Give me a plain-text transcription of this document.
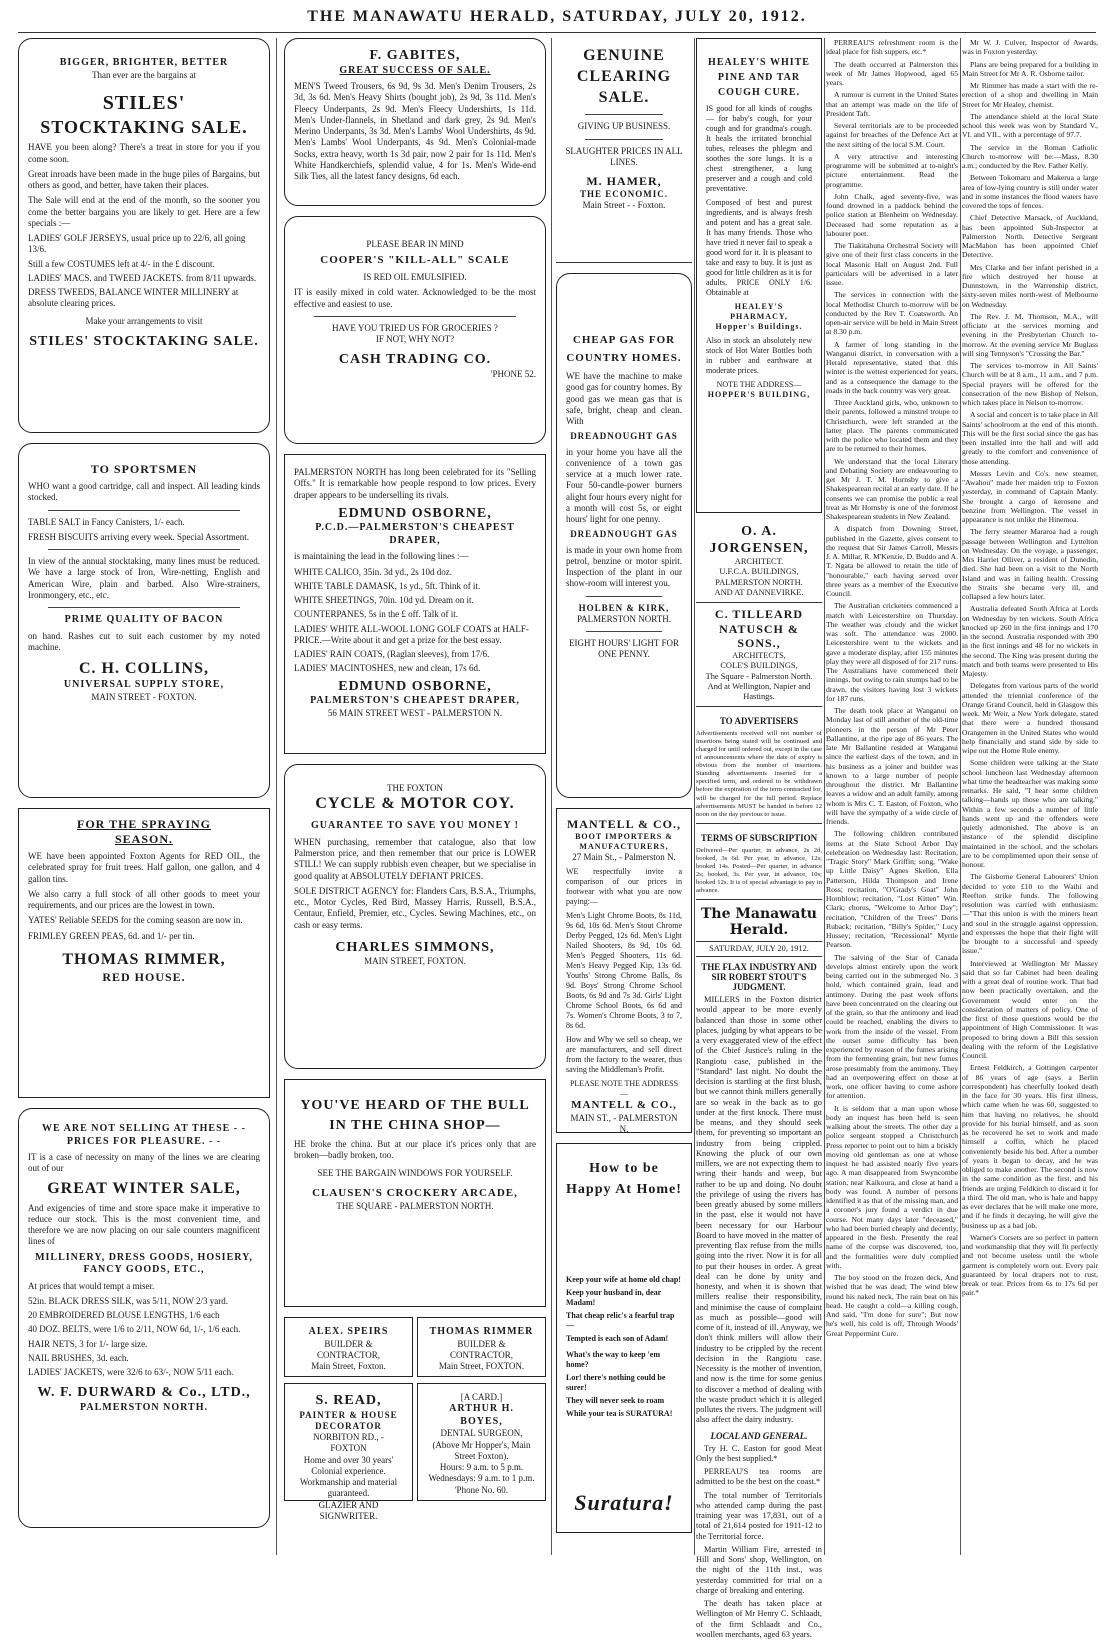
THE MANAWATU HERALD, SATURDAY, JULY 20, 1912.
BIGGER, BRIGHTER, BETTER
Than ever are the bargains at
STILES'
STOCKTAKING SALE.

HAVE you been along? There's a treat in store for you if you come soon.

Great inroads have been made in the huge piles of Bargains, but others as good, and better, have taken their places.

The Sale will end at the end of the month, so the sooner you come the better bargains you are likely to get. Here are a few specials :—

LADIES' GOLF JERSEYS, usual price up to 22/6, all going 13/6.
Still a few COSTUMES left at 4/- in the £ discount.
LADIES' MACS. and TWEED JACKETS. from 8/11 upwards.
DRESS TWEEDS, BALANCE WINTER MILLINERY at absolute clearing prices.
Make your arrangements to visit
STILES' STOCKTAKING SALE.
TO SPORTSMEN

WHO want a good cartridge, call and inspect. All leading kinds stocked.

TABLE SALT in Fancy Canisters, 1/- each.

FRESH BISCUITS arriving every week. Special Assortment.

In view of the annual stocktaking, many lines must be reduced. We have a large stock of Iron, Wire-netting, English and American Wire, plain and barbed. Also Wire-strainers, Ironmongery, etc., etc.

PRIME QUALITY OF BACON

on hand. Rashes cut to suit each customer by my noted machine.

C. H. COLLINS,
UNIVERSAL SUPPLY STORE,
MAIN STREET - FOXTON.
FOR THE SPRAYING
SEASON.

WE have been appointed Foxton Agents for RED OIL, the celebrated spray for fruit trees. Half gallon, one gallon, and 4 gallon tins.

We also carry a full stock of all other goods to meet your requirements, and our prices are the lowest in town.

YATES' Reliable SEEDS for the coming season are now in.

FRIMLEY GREEN PEAS, 6d. and 1/- per tin.

THOMAS RIMMER,
RED HOUSE.
WE ARE NOT SELLING AT THESE - - PRICES FOR PLEASURE. - -

IT is a case of necessity on many of the lines we are clearing out of our

GREAT WINTER SALE,

And exigencies of time and store space make it imperative to reduce our stock. This is the most convenient time, and therefore we are now placing on our sale counters magnificent lines of

MILLINERY, DRESS GOODS, HOSIERY, FANCY GOODS, ETC.,

At prices that would tempt a miser.

52in. BLACK DRESS SILK, was 5/11, NOW 2/3 yard.
20 EMBROIDERED BLOUSE LENGTHS, 1/6 each
40 DOZ. BELTS, were 1/6 to 2/11, NOW 6d, 1/-, 1/6 each.
HAIR NETS, 3 for 1/- large size.
NAIL BRUSHES, 3d. each.
LADIES' JACKETS, were 32/6 to 63/-, NOW 5/11 each.
W. F. DURWARD & Co., LTD.,
PALMERSTON NORTH.
F. GABITES,
GREAT SUCCESS OF SALE.

MEN'S Tweed Trousers, 6s 9d, 9s 3d. Men's Denim Trousers, 2s 3d, 3s 6d. Men's Heavy Shirts (bought job), 2s 9d, 3s 11d. Men's Fleecy Underpants, 2s 9d. Men's Fleecy Undershirts, 1s 11d. Men's Under-flannels, in Shetland and dark grey, 2s 9d. Men's Merino Underpants, 3s 3d. Men's Lambs' Wool Undershirts, 4s 9d. Men's Lambs' Wool Underpants, 4s 9d. Men's Colonial-made Socks, extra heavy, worth 1s 3d pair, now 2 pair for 1s 11d. Men's White Handkerchiefs, splendid value, 4 for 1s. Men's Wide-end Silk Ties, all the latest fancy designs, 6d each.

PLEASE BEAR IN MIND
COOPER'S "KILL-ALL" SCALE
IS RED OIL EMULSIFIED.

IT is easily mixed in cold water. Acknowledged to be the most effective and easiest to use.

HAVE YOU TRIED US FOR GROCERIES ?
IF NOT, WHY NOT?
CASH TRADING CO.
'PHONE 52.

PALMERSTON NORTH has long been celebrated for its "Selling Offs." It is remarkable how people respond to low prices. Every draper appears to be underselling its rivals.

EDMUND OSBORNE,
P.C.D.—PALMERSTON'S CHEAPEST DRAPER,

is maintaining the lead in the following lines :—

WHITE CALICO, 35in. 3d yd., 2s 10d doz.
WHITE TABLE DAMASK, 1s yd., 5ft. Think of it.
WHITE SHEETINGS, 70in. 10d yd. Dream on it.
COUNTERPANES, 5s in the £ off. Talk of it.
LADIES' WHITE ALL-WOOL LONG GOLF COATS at HALF-PRICE.—Write about it and get a prize for the best essay.
LADIES' RAIN COATS, (Raglan sleeves), from 17/6.
LADIES' MACINTOSHES, new and clean, 17s 6d.
EDMUND OSBORNE,
PALMERSTON'S CHEAPEST DRAPER,
56 MAIN STREET WEST - PALMERSTON N.
THE FOXTON
CYCLE & MOTOR COY.
GUARANTEE TO SAVE YOU MONEY !

WHEN purchasing, remember that catalogue, also that low Palmerston price, and then remember that our price is LOWER STILL! We can supply rubbish even cheaper, but we specialise in good quality at ABSOLUTELY DEFIANT PRICES.

SOLE DISTRICT AGENCY for: Flanders Cars, B.S.A., Triumphs, etc., Motor Cycles, Red Bird, Massey Harris, Russell, B.S.A., Centaur, Enfield, Premier, etc., Cycles. Sewing Machines, etc., on cash or easy terms.

CHARLES SIMMONS,
MAIN STREET, FOXTON.
YOU'VE HEARD OF THE BULL IN THE CHINA SHOP—

HE broke the china. But at our place it's prices only that are broken—badly broken, too.

SEE THE BARGAIN WINDOWS FOR YOURSELF.
CLAUSEN'S CROCKERY ARCADE,
THE SQUARE - PALMERSTON NORTH.
ALEX. SPEIRS
BUILDER & CONTRACTOR,
Main Street, Foxton.
THOMAS RIMMER
BUILDER & CONTRACTOR,
Main Street, FOXTON.
S. READ,
PAINTER & HOUSE DECORATOR
NORBITON RD., - FOXTON
Home and over 30 years' Colonial experience.
Workmanship and material guaranteed.
GLAZIER AND SIGNWRITER.
[A CARD.]
ARTHUR H. BOYES,
DENTAL SURGEON,
(Above Mr Hopper's, Main Street Foxton).
Hours: 9 a.m. to 5 p.m. Wednesdays: 9 a.m. to 1 p.m.
'Phone No. 60.
GENUINE CLEARING SALE.
GIVING UP BUSINESS.
SLAUGHTER PRICES IN ALL LINES.
M. HAMER,
THE ECONOMIC.
Main Street - - Foxton.
CHEAP GAS FOR COUNTRY HOMES.

WE have the machine to make good gas for country homes. By good gas we mean gas that is safe, bright, cheap and clean. With

DREADNOUGHT GAS

in your home you have all the convenience of a town gas service at a much lower rate. Four 50-candle-power burners alight four hours every night for a month will cost 5s, or eight hours' light for one penny.

DREADNOUGHT GAS

is made in your own home from petrol, benzine or motor spirit. Inspection of the plant in our show-room will interest you.

HOLBEN & KIRK,
PALMERSTON NORTH.
EIGHT HOURS' LIGHT FOR ONE PENNY.
MANTELL & CO.,
BOOT IMPORTERS & MANUFACTURERS,
27 Main St., - Palmerston N.

WE respectfully invite a comparison of our prices in footwear with what you are now paying:—

Men's Light Chrome Boots, 8s 11d, 9s 6d, 10s 6d. Men's Stout Chrome Derby Pegged, 12s 6d. Men's Light Nailed Shooters, 8s 9d, 10s 6d. Men's Pegged Shooters, 11s 6d. Men's Heavy Pegged Kip, 13s 6d. Youths' Strong Chrome Balls, 8s 9d. Boys' Strong Chrome School Boots, 6s 9d and 7s 3d. Girls' Light Chrome School Boots, 6s 6d and 7s. Women's Chrome Boots, 3 to 7, 8s 6d.

How and Why we sell so cheap, we are manufacturers, and sell direct from the factory to the wearer, thus saving the Middleman's Profit.

PLEASE NOTE THE ADDRESS—
MANTELL & CO.,
MAIN ST., - PALMERSTON N.
How to be Happy At Home!
Keep your wife at home old chap!
Keep your husband in, dear Madam!
That cheap relic's a fearful trap—
Tempted is each son of Adam!
What's the way to keep 'em home?
Lor! there's nothing could be surer!
They will never seek to roam
While your tea is SURATURA!
Suratura!
HEALEY'S WHITE PINE AND TAR COUGH CURE.

IS good for all kinds of coughs — for baby's cough, for your cough and for grandma's cough. It heals the irritated bronchial tubes, releases the phlegm and soothes the sore lungs. It is a chest strengthener, a lung preserver and a cough and cold preventative.

Composed of best and purest ingredients, and is always fresh and potent and has a great sale. It has many friends. Those who have tried it never fail to speak a good word for it. It is pleasant to take and easy to buy. It is just as good for little children as it is for adults. PRICE ONLY 1/6. Obtainable at

HEALEY'S PHARMACY,
Hopper's Buildings.

Also in stock an absolutely new stock of Hot Water Bottles both in rubber and earthware at moderate prices.

NOTE THE ADDRESS—
HOPPER'S BUILDING,
O. A. JORGENSEN,
ARCHITECT.
U.F.C.A. BUILDINGS, PALMERSTON NORTH.
AND AT DANNEVIRKE.
C. TILLEARD NATUSCH & SONS.,
ARCHITECTS,
COLE'S BUILDINGS,
The Square - Palmerston North.
And at Wellington, Napier and Hastings.
TO ADVERTISERS
Advertisements received will not number of insertions being stated will be continued and charged for until ordered out, except in the case of announcements where the date of expiry is obvious from the number of insertions. Standing advertisements inserted for a specified term, and ordered to be withdrawn before the expiration of the term contracted for, will be charged for the full period. Replace advertisements MUST be handed in before 12 noon on the day previous to issue.
TERMS OF SUBSCRIPTION
Delivered—Per quarter, in advance, 2s 2d, booked, 3s 6d. Per year, in advance, 12s; booked 14s. Posted—Per quarter, in advance 2s; booked, 3s. Per year, in advance, 10s; booked 12s. It is of special advantage to pay in advance.
The Manawatu Herald.
SATURDAY, JULY 20, 1912.
THE FLAX INDUSTRY AND SIR ROBERT STOUT'S JUDGMENT.

MILLERS in the Foxton district would appear to be more evenly balanced than those in some other places, judging by what appears to be a very exaggerated view of the effect of the Chief Justice's ruling in the Rangiotu case, published in the "Standard" last night. No doubt the decision is startling at the first blush, but we cannot think millers generally are so weak in the back as to go under at the first knock. There must be means, and they should seek them, for preventing so important an industry from being crippled. Knowing the pluck of our own millers, we are not expecting them to wring their hands and weep, but rather to be up and doing. No doubt the privilege of using the rivers has been greatly abused by some millers in the past, else it would not have been necessary for our Harbour Board to have moved in the matter of preventing flax refuse from the mills going into the river. Now it is for all to put their houses in order. A great deal can be done by unity and honesty, and when it is shown that millers realise their responsibility, and minimise the cause of complaint as much as possible—good will come of it, instead of ill. Anyway, we don't think millers will allow their industry to be crippled by the recent decision in the Rangiotu case. Necessity is the mother of invention, and now is the time for some genius to discover a method of dealing with the waste product which it is alleged pollutes the rivers. The judgment will also affect the dairy industry.

LOCAL AND GENERAL.

Try H. C. Easton for good Meat Only the best supplied.*

PERREAU'S tea rooms are admitted to be the best on the coast.*

The total number of Territorials who attended camp during the past training year was 17,831, out of a total of 21,614 posted for 1911-12 to the Territorial force.

Martin William Fire, arrested in Hill and Sons' shop, Wellington, on the night of the 11th inst., was yesterday committed for trial on a charge of breaking and entering.

The death has taken place at Wellington of Mr Henry C. Schlaadt, of the firm Schlaadt and Co., woollen merchants, aged 63 years.

PERREAU'S refreshment room is the ideal place for fish suppers, etc.*

The death occurred at Palmerston this week of Mr James Hopwood, aged 65 years.

A rumour is current in the United States that an attempt was made on the life of President Taft.

Several territorials are to be proceeded against for breaches of the Defence Act at the next sitting of the local S.M. Court.

A very attractive and interesting programme will be submitted at to-night's picture entertainment. Read the programme.

John Chalk, aged seventy-five, was found drowned in a paddock behind the police station at Blenheim on Wednesday. Deceased had some reputation as a labourer poet.

The Tiakitahuna Orchestral Society will give one of their first class concerts in the local Masonic Hall on August 2nd. Full particulars will be advertised in a later issue.

The services in connection with the local Methodist Church to-morrow will be conducted by the Rev T. Coatsworth. An open-air service will be held in Main Street at 8.30 p.m.

A farmer of long standing in the Wanganui district, in conversation with a Herald representative, stated that this winter is the wettest experienced for years, and as a consequence the damage to the roads in the back country was very great.

Three Auckland girls, who, unknown to their parents, followed a minstrel troupe to Christchurch, were left stranded at the latter place. The parents communicated with the police who located them and they are to be returned to their homes.

We understand that the local Literary and Debating Society are endeavouring to get Mr J. T. M. Hornsby to give a Shakespearean recital at an early date. If he consents we can promise the public a real treat as Mr Hornsby is one of the foremost Shakespearean students in New Zealand.

A dispatch from Downing Street, published in the Gazette, gives consent to the request that Sir James Carroll, Messrs J. A. Millar, R. M'Kenzie, D. Buddo and A. T. Ngata be allowed to retain the title of "honourable," each having served over three years as a member of the Executive Council.

The Australian cricketers commenced a match with Leicestershire on Thursday. The weather was cloudy and the wicket was soft. The attendance was 2000. Leicestershire went to the wickets and gave a moderate display, after 155 minutes play they were all disposed of for 217 runs. The Australians have commenced their innings, but owing to rain stumps had to be drawn, the visitors having lost 3 wickets for 187 runs.

The death took place at Wanganui on Monday last of still another of the old-time pioneers in the person of Mr Peter Ballantine, at the ripe age of 86 years. The late Mr Ballantine resided at Wanganui since the earliest days of the town, and in his business as a joiner and builder was known to a large number of people throughout the district. Mr Ballantine leaves a widow and an adult family, among whom is Mrs C. T. Easton, of Foxton, who will have the sympathy of a wide circle of friends.

The following children contributed items at the State School Arbor Day celebration on Wednesday last: Recitation, "Tragic Story" Mark Griffin; song, "Wake up Little Daisy" Agnes Skellon, Ella Patterson, Hilda Thompson and Irene Ross; recitation, "O'Grady's Goat" John Hornblow; recitation, "Lost Kitten" Win. Clark; chorus, "Welcome to Arbor Day"; recitation, "Children of the Trees" Doris Ruback; recitation, "Billy's Spider," Lucy Hussey; recitation, "Recessional" Myrtle Pearson.

The salving of the Star of Canada develops almost entirely upon the work being carried out in the submerged No. 3 hold, which contained grain, lead and antimony. During the past week efforts have been concentrated on the clearing out of the grain, so that the antimony and lead could be reached, enabling the divers to work from the inside of the vessel. From the outset some difficulty has been experienced by reason of the fumes arising from the fermenting grain, but new fumes arose presumably from the antimony. They had an overpowering effect on those at work, one officer having to come ashore for attention.

It is seldom that a man upon whose body an inquest has been held is seen walking about the streets. The other day a police sergeant stopped a Christchurch Press reporter to point out to him a briskly moving old gentleman as one at whose inquest he had assisted nearly five years ago. A man disappeared from Swyncombe station, near Kaikoura, and close at hand a body was found. A number of persons identified it as that of the missing man, and a coroner's jury found a verdict in due course. Not many days later "deceased," who had been buried cheaply and decently, appeared in the flesh. Presently the real name of the corpse was discovered, too, and the formalities were duly complied with.

The boy stood on the frozen deck, And wished that he was dead; The wind blew round his naked neck, The rain beat on his head. He caught a cold—a killing cough, And said, "I'm done for sure"; But now he's well, his cold is off, Through Woods' Great Peppermint Cure.

Mr W. J. Culver, Inspector of Awards, was in Foxton yesterday.

Plans are being prepared for a building in Main Street for Mr A. R. Osborne tailor.

Mr Rimmer has made a start with the re-erection of a shop and dwelling in Main Street for Mr Healey, chemist.

The attendance shield at the local State school this week was won by Standard V., VI. and VII., with a percentage of 97.7.

The service in the Roman Catholic Church to-morrow will be:—Mass, 8.30 a.m.; conducted by the Rev. Father Kelly.

Between Tokomaru and Makerua a large area of low-lying country is still under water and in some instances the flood waters have covered the tops of fences.

Chief Detective Marsack, of Auckland, has been appointed Sub-Inspector at Palmerston North. Detective Sergeant MacMahon has been appointed Chief Detective.

Mrs Clarke and her infant perished in a fire which destroyed her house at Dunnstown, in the Warrenship district, sixty-seven miles north-west of Melbourne on Wednesday.

The Rev. J. M. Thomson, M.A., will officiate at the services morning and evening in the Presbyterian Church to-morrow. At the evening service Mr Buglass will sing Tennyson's "Crossing the Bar."

The services to-morrow in All Saints' Church will be at 8 a.m., 11 a.m., and 7 p.m. Special prayers will be offered for the consecration of the new Bishop of Nelson, which takes place in Nelson to-morrow.

A social and concert is to take place in All Saints' schoolroom at the end of this month. This will be the first social since the gas has been installed into the hall and will add greatly to the comfort and convenience of those attending.

Messrs Levin and Co's. new steamer, "Awahou" made her maiden trip to Foxton yesterday, in command of Captain Manly. She brought a cargo of kerosene and benzine from Wellington. The vessel in appearance is not unlike the Hinemoa.

The ferry steamer Mararoa had a rough passage between Wellington and Lyttelton on Wednesday. On the voyage, a passenger, Mrs Harriet Olliver, a resident of Dunedin, died. She had been on a visit to the North Island and was in failing health. Crossing the Straits she became very ill, and collapsed a few hours later.

Australia defeated South Africa at Lords on Wednesday by ten wickets. South Africa knocked up 260 in the first innings and 170 in the second. Australia responded with 390 in the first innings and 48 for no wickets in the second. The King was present during the match and both teams were presented to His Majesty.

Delegates from various parts of the world attended the triennial conference of the Orange Grand Council, held in Glasgow this week. Mr Weir, a New York delegate, stated that there were a hundred thousand Orangemen in the United States who would help financially and stand side by side to wipe out the Home Rule enemy.

Some children were talking at the State school luncheon last Wednesday afternoon what time the headteacher was making some remarks. He said, "I hear some children talking—hands up those who are talking." Within a few seconds a number of little hands went up and the offenders were quietly admonished. The above is an instance of the splendid discipline maintained in the school, and the scholars are to be complimented upon their sense of honour.

The Gisborne General Labourers' Union decided to vote £10 to the Waihi and Reefton strike funds. The following resolution was carried with enthusiasm:—"That this union is with the miners heart and soul in the struggle against oppression, and expresses the hope that their fight will be brought to a successful and speedy issue."

Interviewed at Wellington Mr Massey said that so far Cabinet had been dealing with a great deal of routine work. That had now been practically overtaken, and the Government would enter on the consideration of matters of policy. One of the first of those questions would be the appointment of High Commissioner. It was proposed to bring down a Bill this session dealing with the reform of the Legislative Council.

Ernest Feldkirch, a Gottingen carpenter of 86 years of age (says a Berlin correspondent) has cheerfully looked death in the face for 30 years. His first illness, which came when he was 60, suggested to him that having no relatives, he should provide for his burial himself, and as soon as he recovered he set to work and made himself a coffin, which he placed conveniently beside his bed. After a number of years it began to decay, and he was obliged to make another. The second is now in the same condition as the first, and his friends are urging Feldkirch to discard it for a third. The old man, who is hale and happy as ever declares that he will make one more, and if he finds it decaying, he will give the business up as a bad job.

Warner's Corsets are so perfect in pattern and workmanship that they will fit perfectly and not become useless until the whole garment is completely worn out. Every pair guaranteed by local drapers not to rust, break or tear. Prices from 6s to 17s 6d per pair.*
